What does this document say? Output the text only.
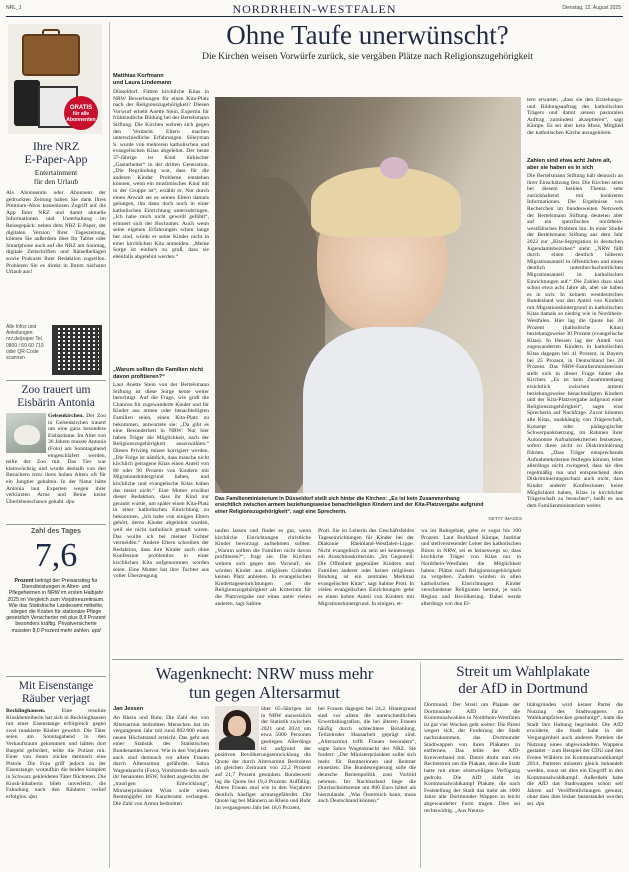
NRL_1	NORDRHEIN-WESTFALEN	Dienstag, 12. August 2025
GRATIS
für alle
Abonnenten
Ihre NRZ
E-Paper-App
Entertainment
für den Urlaub
Als Abonnentin oder Abonnent der gedruckten Zeitung haben Sie dank Ihres Premium-Abos kostenlosen Zugriff auf die App Ihrer NRZ und damit aktuelle Informationen und Unterhaltung im Reisegepäck: neben dem NRZ E-Paper, der digitalen Version Ihrer Tageszeitung, können Sie außerdem über Ihr Tablet oder Smartphone auch auf die NRZ am Sonntag, digitale Zeitschriften und Rätselbeilagen sowie Podcasts Ihrer Redaktion zugreifen. Probieren Sie es direkt in Ihrem nächsten Urlaub aus!
Alle Infos und Anleitungen: nrz.de/paper Tel. 0800 / 60 60 710 oder QR-Code scannen
Zoo trauert um
Eisbärin Antonia
Gelsenkirchen. Der Zoo in Gelsenkirchen trauert um eine ganz besondere Eisbärdame. Im Alter von 36 Jahren musste Antonia (Foto) am Sonntagabend eingeschläfert werden, teilte der Zoo mit. Das Tier war kleinwüchsig und wurde deshalb von den Besuchern trotz ihres hohen Alters oft für ein Jungtier gehalten. In der Natur hätte Antonia laut Experten wegen ihrer verkürzten Arme und Beine keine Überlebenschance gehabt. dpa
Zahl des Tages
7,6
Prozent beträgt der Preisanstieg für Dienstleistungen in Alten- und Pflegeheimen in NRW im ersten Halbjahr 2025 im Vergleich zum Vorjahreszeitraum. Wie das Statistische Landesamt mitteilte, stiegen die Kosten für stationäre Pflege gesetzlich Versicherter mit plus 8,9 Prozent besonders kräftig. Privatversicherte mussten 8,0 Prozent mehr zahlen. epd
Mit Eisenstange
Räuber verjagt
Recklinghausen.	Eine resolute Kioskbetreiberin hat sich in Recklinghausen mit einer Eisenstange erfolgreich gegen zwei maskierte Räuber gewehrt. Die Täter seien am Sonntagabend in den Verkaufsraum gekommen und hätten dort Bargeld gefordert, teilte die Polizei mit. Einer von ihnen zückte demnach eine Pistole. Die Frau griff jedoch zu der Eisenstange, woraufhin die beiden komplett in Schwarz gekleideten Täter flüchteten. Die Kiosk-Inhaberin blieb unverletzt, die Fahndung nach den Räubern verlief erfolglos. dpa
Ohne Taufe unerwünscht?
Die Kirchen weisen Vorwürfe zurück, sie vergäben Plätze nach Religionszugehörigkeit
Matthias Korfmann
und Laura Lindemann
Düsseldorf. Fittem kirchliche Kitas in NRW Bewerbungen für einen Kita-Platz nach der Religionszugehörigkeit? Diesen Vorwurf erhebt Anette Stein, Expertin für frühkindliche Bildung bei der Bertelsmann Stiftung. Die Kirchen wehren sich gegen den Verdacht. Eltern machen unterschiedliche Erfahrungen. Süleyman S. wurde von mehreren katholischen und evangelischen Kitas abgelehnt. Der heute 37-Jährige ist Kind türkischer „Gastarbeiter“ in der dritten Generation. „Die Begründung war, dass für die anderen Kinder Probleme entstehen können, wenn ein muslimisches Kind mit in der Gruppe ist“, erzählt er. Nur durch einen Anwalt sei es seinen Eltern damals gelungen, ihn dann doch noch in einer katholischen Einrichtung unterzubringen. „Ich habe mich nicht gewollt gefühlt“, erinnert sich der Bochumer. Auch wenn seine eigenen Erfahrungen schon lange her sind, würde er seine Kinder nicht in einer kirchlichen Kita anmelden. „Meine Sorge ist einfach zu groß, dass sie ebenfalls abgelehnt werden.“
„Warum sollten die Familien nicht davon profitieren?“
Laut Anette Stein von der Bertelsmann Stiftung ist diese Sorge heute weiter berechtigt. Auf die Frage, wie groß die Chancen für zugewanderte Kinder und für Kinder aus armen oder benachteiligten Familien seien, einen Kita-Platz zu bekommen, antwortete sie: „Da gibt es eine Besonderheit in NRW: Nur hier haben Träger die Möglichkeit, nach der Religionszugehörigkeit auszuwählen.“ Dieses Privileg müsse korrigiert werden. „Die Folge ist nämlich, dass manche nicht kirchlich getragene Kitas einen Anteil von 80 oder 90 Prozent von Kindern mit Migrationshintergrund haben, und kirchliche und evangelische Kitas haben das meist nicht.“ Eine Mutter erwähnt dieser Redaktion, dass ihr Kind nur geraubt wurde, um später einen Kita-Platz in einer katholischen Einrichtung zu bekommen. „Ich habe von einigen Eltern gehört, deren Kinder abgelehnt wurden, weil sie nicht katholisch getauft waren. Das wollte ich bei meiner Tochter vermeiden.“ Andere Eltern schreiben der Redaktion, dass ihre Kinder auch ohne Konfession problemlos in einer kirchlichen Kita aufgenommen worden seien. Eine Mutter hat ihre Tochter aus voller Überzeugung
Das Familienministerium in Düsseldorf stellt sich hinter die Kirchen: „Es ist kein Zusammenhang ersichtlich zwischen armem beziehungsweise benachteiligten Kindern und der Kita-Platzvergabe aufgrund einer Religionszugehörigkeit“, sagt eine Sprecherin.
GETTY IMAGES
taufen lassen und findet es gut, wenn kirchliche Einrichtungen christliche Kinder bevorzugt aufnehmen sollten. „Warum sollten die Familien nicht davon profitieren?“, fragt sie. Die Kirchen wehren sich gegen den Vorwurf, sie würden Kinder aus religiösen Gründen keinen Platz anbieten. In evangelischen Kindertageseinrichtungen sei die Religionszugehörigkeit als Kriterium für die Platzvergabe nur eines unter vielen anderen, sagt Sabine
Protl. Sie ist Leiterin des Geschäftsfeldes Tageseinrichtungen für Kinder bei der Diakonie Rheinland-Westfalen-Lippe. Nicht evangelisch zu sein sei keineswegs ein Ausschlusskriterium. „Im Gegenteil: Die Offenheit gegenüber Kindern und Familien anderer oder keiner religiösen Bindung ist ein zentrales Merkmal evangelischer Kitas“, sagt Sabine Protl. In vielen evangelischen Einrichtungen gebe es einen hohen Anteil von Kindern mit Migrationshintergrund. In einigen, et-
wa im Ruhrgebiet, gebe er sogar bis 100 Prozent. Laut Burkhard Kämpe, Justitiar und stellvertretender Leiter des katholischen Büros in NRW, sei es keineswegs so, dass kirchliche Träger von Kitas nur in Nordrhein-Westfalen die Möglichkeit haben, Plätze nach Religionszugehörigkeit zu vergeben. Zudem würden in allen katholischen Einrichtungen Kinder verschiedener Religionen betreut, je nach Region und Bevölkerung. Dabei werde allerdings von den El-
tern erwartet, „dass sie den Erziehungs- und Bildungsauftrag des katholischen Trägers und damit seinen pastoralen Auftrag zumindest akzeptieren“, sagt Kämpe. Es sei aber kein Muss, Mitglied der katholischen Kirche anzugehören.
Zahlen sind etwa acht Jahre alt, aber sie haben es in sich
Die Bertelsmann Stiftung hält dennoch an ihrer Einschätzung fest. Die Kirchen seien bei diesem heiklen Thema sehr zurückhaltend mit konkreten Informationen. Die Ergebnisse von Recherchen im bundesweiten Netzwerk der Bertelsmann Stiftung deuteten aber auf ein spezifisches nordrhein-westfälisches Problem hin. In einer Studie der Bertelsmann Stiftung aus dem Jahr 2022 zur „Kita-Segregation in deutschen Jugendamtsbezirken“ steht: „NRW fällt durch einen deutlich höheren Migrationsanteil in öffentlichen und einen deutlich unterdurchschnittlichen Migrationsanteil in katholischen Einrichtungen auf.“ Die Zahlen dazu sind schon etwa acht Jahre alt, aber sie haben es in sich: In keinem westdeutschen Bundesland war den Anteil von Kindern mit Migrationshintergrund in katholischen Kitas damals so niedrig wie in Nordrhein-Westfalen. Hier lag die Quote bei 20 Prozent (katholische Kitas) beziehungsweise 30 Prozent (evangelische Kitas). In Hessen lag der Anteil von zugewanderten Kindern in katholischen Kitas dagegen bei 41 Prozent, in Bayern bei 25 Prozent, in Deutschland bei 28 Prozent. Das NRW-Familienministerium stellt sich in dieser Frage hinter die Kirchen: „Es ist kein Zusammenhang ersichtlich zwischen armem beziehungsweise benachteiligten Kindern und der Kita-Platzvergabe aufgrund einer Religionszugehörigkeit“, sagte eine Sprecherin auf Nachfrage. Zuvor könnten alle Kitas, unabhängig von Trägerschaft, Konzept oder pädagogischer Schwerpunktsetzung, im Rahmen ihrer Autonomie Aufnahmekriterien festsetzen, sofern diese nicht zu Diskriminierung führten. „Dass Träger entsprechende Aufnahmekriterien festlegen können, leitet allerdings nicht zwingend, dass sie dies regelmäßig tun und entsprechend dem Diskriminierungsschutz auch nicht, dass Kinder anderer Konfessionen keine Möglichkeit haben, Kitas in kirchlicher Trägerschaft zu besuchen“, heißt es aus dem Familienministerium weiter.
Wagenknecht: NRW muss mehr
tun gegen Altersarmut
Jan Jessen
An Rhein und Ruhr. Die Zahl der von Altersarmut bedrohten Menschen hat im vergangenen Jahr mit rund 802.000 einen neuen Höchststand erreicht. Das geht aus einer Statistik des Statistischen Bundesamtes hervor. Wie in den Vorjahren auch sind demnach vor allem Frauen durch Altersarmut gefährdet. Sahra Wagenknecht (Foto), Vorsitzende des nach ihr benannten BSW, fordert angesichts der „traurigen Entwicklung“, Ministerpräsident Wüst solle einen Rentengipfel im Kanzleramt verlangen. Die Zahl von Armut bedrohten
über 65-Jährigen ist in NRW ausweislich der Statistik zwischen 2021 und 2024 um etwa 5000 Personen gestiegen. Allerdings ist aufgrund der positiven Bevölkerungsentwicklung die Quote der durch Altersarmut Bedrohten im gleichen Zeitraum von 22,2 Prozent auf 21,7 Prozent gesunken. Bundesweit lag die Quote bei 19,4 Prozent. Auffällig: Ältere Frauen sind wie in den Vorjahren deutlich häufiger armutsgefährdet. Die Quote lag bei Männern an Rhein und Ruhr im vergangenen Jahr bei 18,6 Prozent,
bei Frauen dagegen bei 24,2. Hintergrund sind vor allem die unterschiedlichen Erwerbsbiografien, die bei älteren Frauen häufig durch schlechtere Bezahlung, Teilzeitoder Hausarbeit geprägt sind. „Altersarmut trifft Frauen besonders“, sagte Sahra Wagenknecht der NRZ. Sie fordert: „Der Ministerpräsident sollte sich mehr für Rentnerinnen und Rentner einsetzen. Die Bundesregierung solle die deutsche Rentenpolitik zum Vorbild nehmen. Im Nachbarland liege die Durchschnittsrente um 800 Euro höher als hierzulande. „Was Österreich kann, muss auch Deutschland können.“
Streit um Wahlplakate
der AfD in Dortmund
Dortmund. Der Streit um Plakate der Dortmunder AfD für die Kommunalwahlen in Nordrhein-Westfalen ist gut vier Wochen geht weiter: Die Partei wegert sich, der Forderung der Stadt nachzukommen, das Dortmunder Stadtwappen von ihren Plakaten zu entfernen. Das teilte der AfD-Kreisverband mit. Damit droht nun ein Rechtsstreit um die Plakate, denn die Stadt hatte mit einer einstweiligen Verfügung gedroht. Die AfD klebt im Kommunalwahlkampf Plakate, die nach Feststellung der Stadt das mehr als 1000 Jahre alte Dortmunder Wappen in leicht abgewandelter Form tragen. Dies sei rechtswidrig. „Aus Neutra-
litätsgründen wird keiner Partei die Nutzung des Stadtwappens zu Wahlkampfzwecken genehmigt“, hatte die Stadt ihre Haltung begründet. Die AfD erwiderte, die Stadt habe in der Vergangenheit auch anderen Parteien die Nutzung eines abgewandelten Wappens gestattet – zum Beispiel der CDU und den Freien Wählern im Kommunalwahlkampf 2014. Parteien müssten gleich behandelt werden, sonst sei dies ein Eingriff in den Kommunalwahlkampf. Außerdem habe die AfD das Stadtwappen schon seit Jahren auf Veröffentlichungen genutzt, ohne dass dies bisher beanstandet worden sei. dpa
